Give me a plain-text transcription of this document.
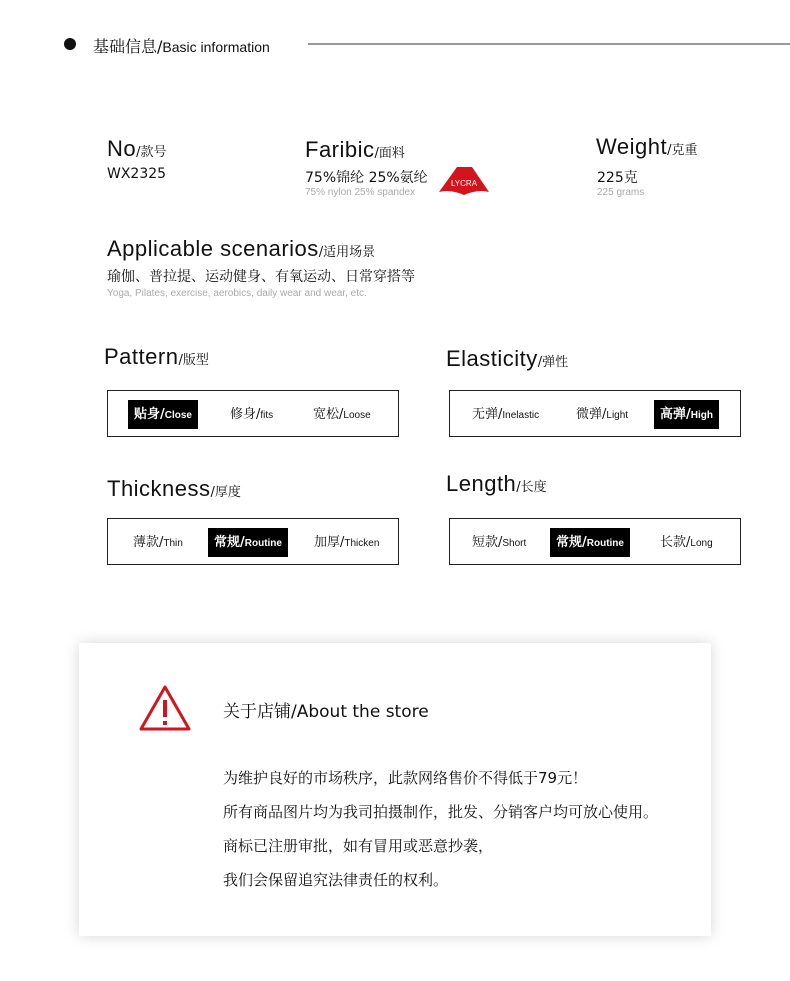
基础信息/Basic information
No/款号
WX2325
Faribic/面料
75%锦纶 25%氨纶
75% nylon 25% spandex
LYCRA
Weight/克重
225克
225 grams
Applicable scenarios/适用场景
瑜伽、普拉提、运动健身、有氧运动、日常穿搭等
Yoga, Pilates, exercise, aerobics, daily wear and wear, etc.
Pattern/版型
贴身/Close	修身/fits	宽松/Loose
Elasticity/弹性
无弹/Inelastic	微弹/Light	高弹/High
Thickness/厚度
薄款/Thin	常规/Routine	加厚/Thicken
Length/长度
短款/Short	常规/Routine	长款/Long
关于店铺/About the store
为维护良好的市场秩序，此款网络售价不得低于79元！
所有商品图片均为我司拍摄制作，批发、分销客户均可放心使用。
商标已注册审批，如有冒用或恶意抄袭，
我们会保留追究法律责任的权利。
